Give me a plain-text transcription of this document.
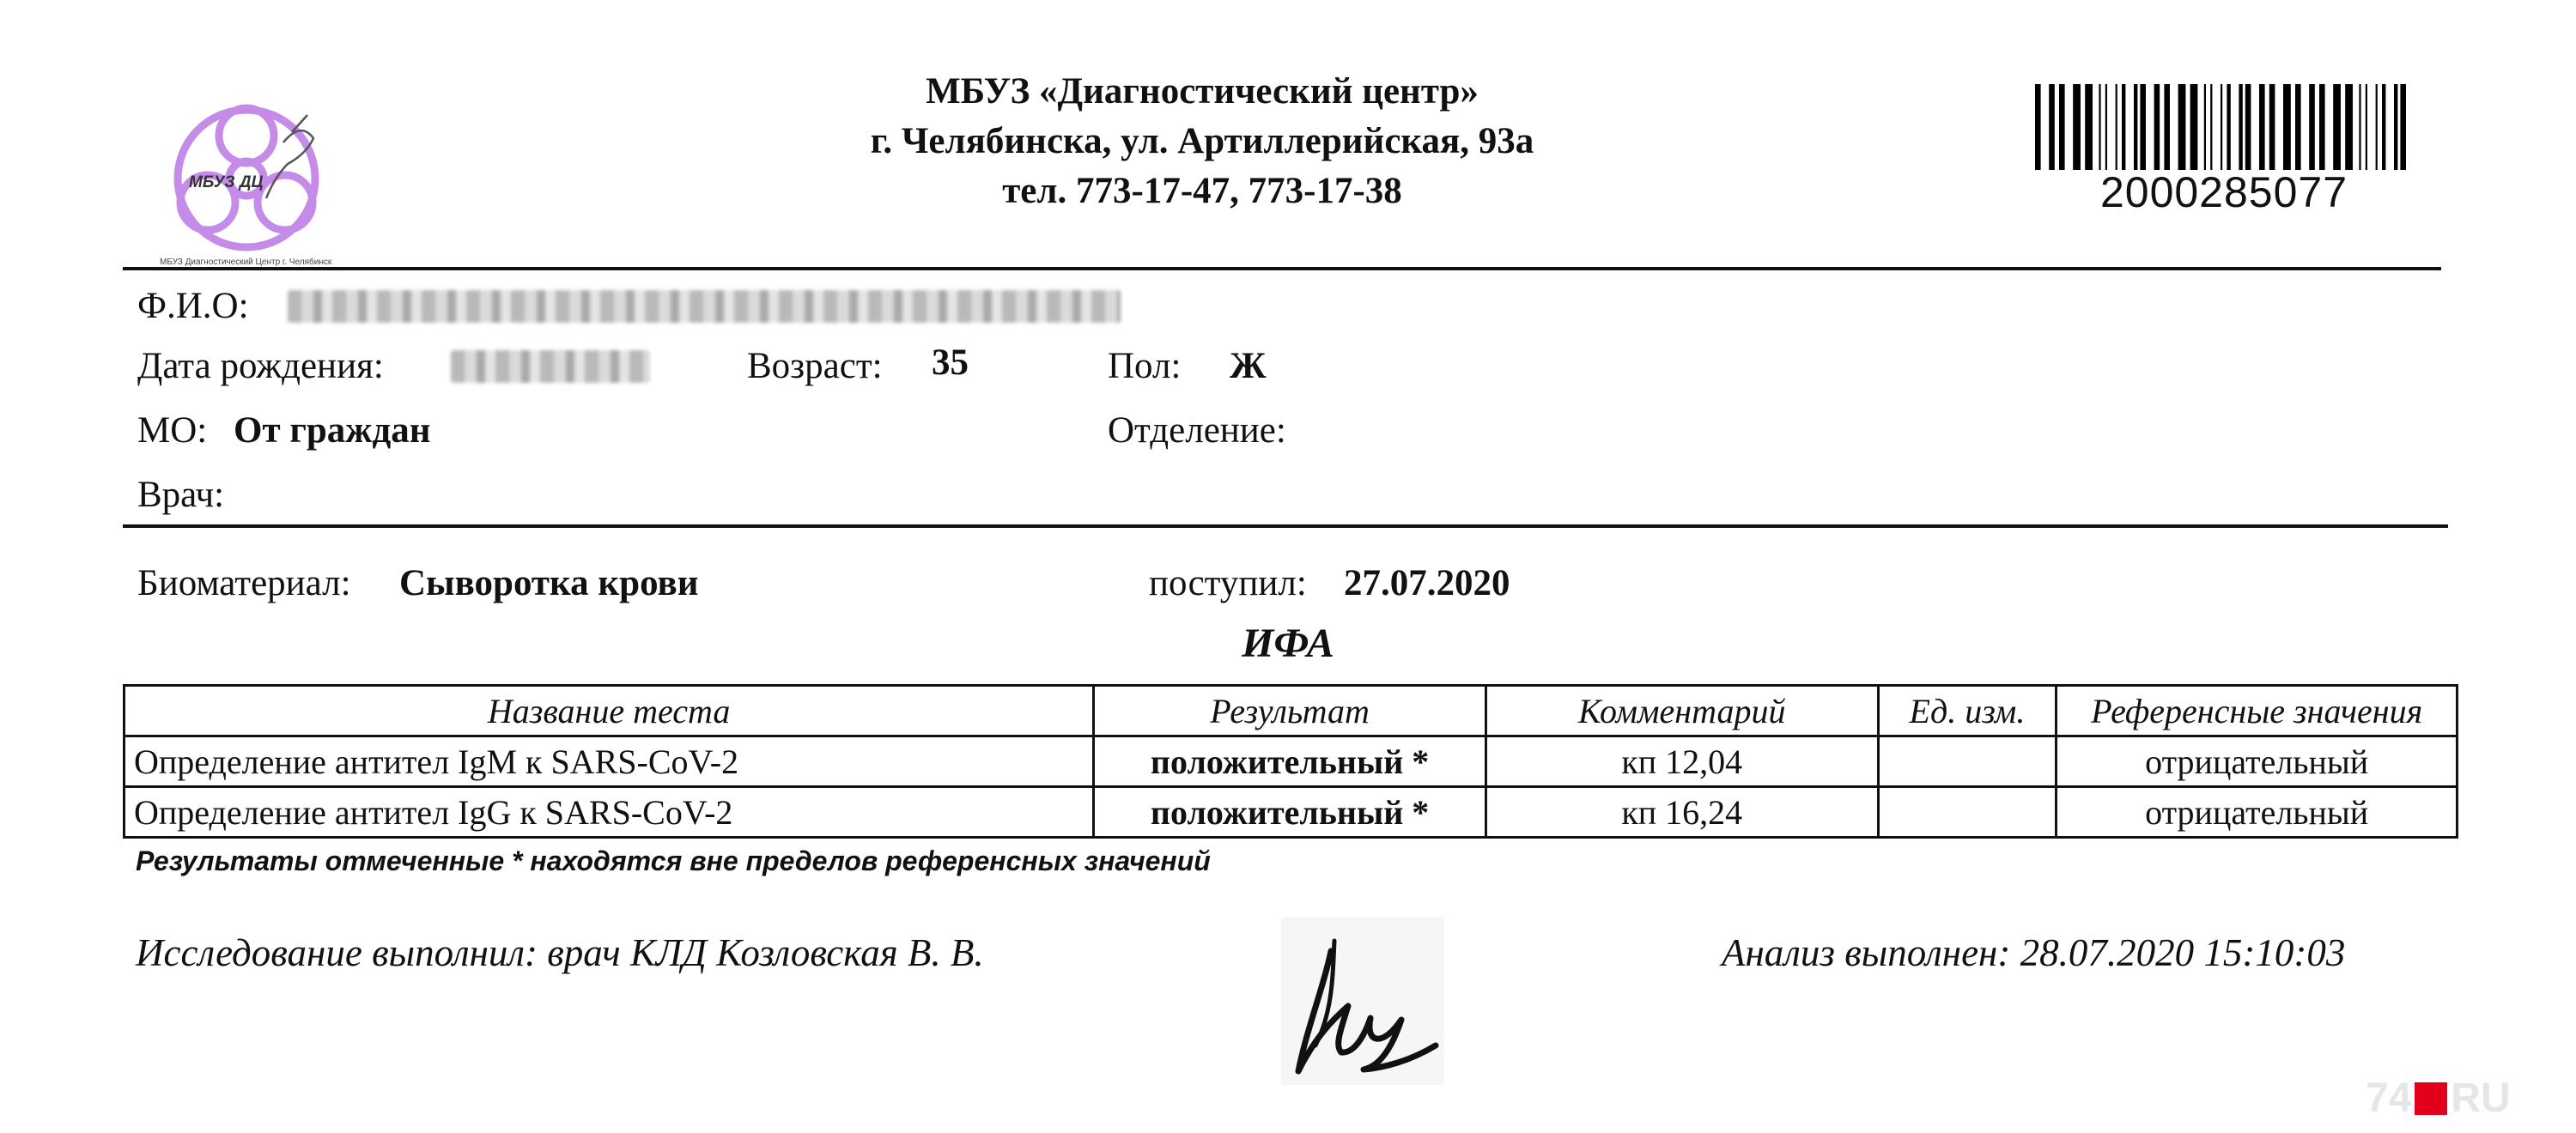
МБУЗ ДЦ
МБУЗ Диагностический Центр г. Челябинск
МБУЗ «Диагностический центр»
г. Челябинска, ул. Артиллерийская, 93а
тел. 773-17-47, 773-17-38	2000285077
Ф.И.О:
Дата рождения:	Возраст: 35	Пол: Ж
МО: От граждан	Отделение:
Врач:
Биоматериал: Сыворотка крови	поступил: 27.07.2020
ИФА
Название теста	Результат	Комментарий	Ед. изм.	Референсные значения
Определение антител IgM к SARS-CoV-2	положительный *	кп 12,04		отрицательный
Определение антител IgG к SARS-CoV-2	положительный *	кп 16,24		отрицательный
Результаты отмеченные * находятся вне пределов референсных значений
Исследование выполнил: врач КЛД Козловская В. В.	Анализ выполнен: 28.07.2020 15:10:03
74 RU
